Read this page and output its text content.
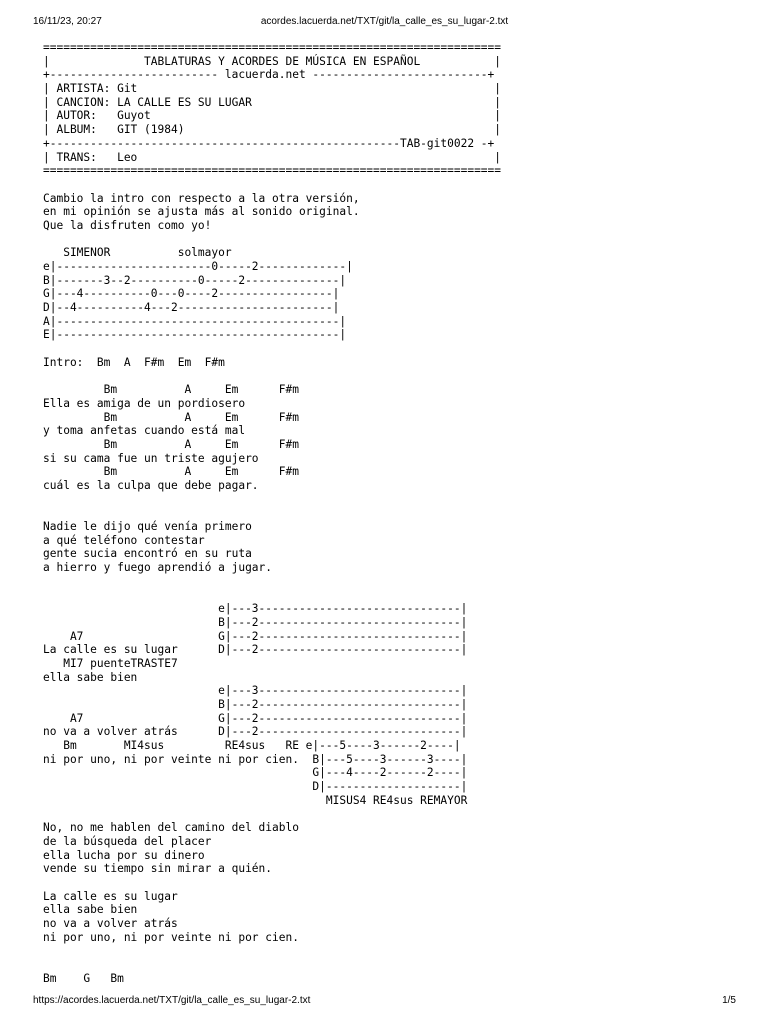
16/11/23, 20:27	acordes.lacuerda.net/TXT/git/la_calle_es_su_lugar-2.txt
====================================================================
|              TABLATURAS Y ACORDES DE MÚSICA EN ESPAÑOL           |
+------------------------- lacuerda.net --------------------------+
| ARTISTA: Git                                                     |
| CANCION: LA CALLE ES SU LUGAR                                    |
| AUTOR:   Guyot                                                   |
| ALBUM:   GIT (1984)                                              |
+----------------------------------------------------TAB-git0022 -+
| TRANS:   Leo                                                     |
====================================================================
Cambio la intro con respecto a la otra versión,
en mi opinión se ajusta más al sonido original.
Que la disfruten como yo!
SIMENOR          solmayor
e|-----------------------0-----2-------------|
B|-------3--2----------0-----2--------------|
G|---4----------0---0----2-----------------|
D|--4----------4---2-----------------------|
A|------------------------------------------|
E|------------------------------------------|
Intro:  Bm  A  F#m  Em  F#m
Bm          A     Em      F#m
Ella es amiga de un pordiosero
Bm          A     Em      F#m
y toma anfetas cuando está mal
Bm          A     Em      F#m
si su cama fue un triste agujero
Bm          A     Em      F#m
cuál es la culpa que debe pagar.
Nadie le dijo qué venía primero
a qué teléfono contestar
gente sucia encontró en su ruta
a hierro y fuego aprendió a jugar.
e|---3------------------------------|
B|---2------------------------------|
A7                    G|---2------------------------------|
La calle es su lugar      D|---2------------------------------|
MI7 puenteTRASTE7
ella sabe bien
e|---3------------------------------|
B|---2------------------------------|
A7                    G|---2------------------------------|
no va a volver atrás      D|---2------------------------------|
Bm       MI4sus         RE4sus   RE e|---5----3------2----|
ni por uno, ni por veinte ni por cien.  B|---5----3------3----|
G|---4----2------2----|
D|--------------------|
MISUS4 RE4sus REMAYOR
No, no me hablen del camino del diablo
de la búsqueda del placer
ella lucha por su dinero
vende su tiempo sin mirar a quién.
La calle es su lugar
ella sabe bien
no va a volver atrás
ni por uno, ni por veinte ni por cien.
Bm    G   Bm
https://acordes.lacuerda.net/TXT/git/la_calle_es_su_lugar-2.txt	1/5
